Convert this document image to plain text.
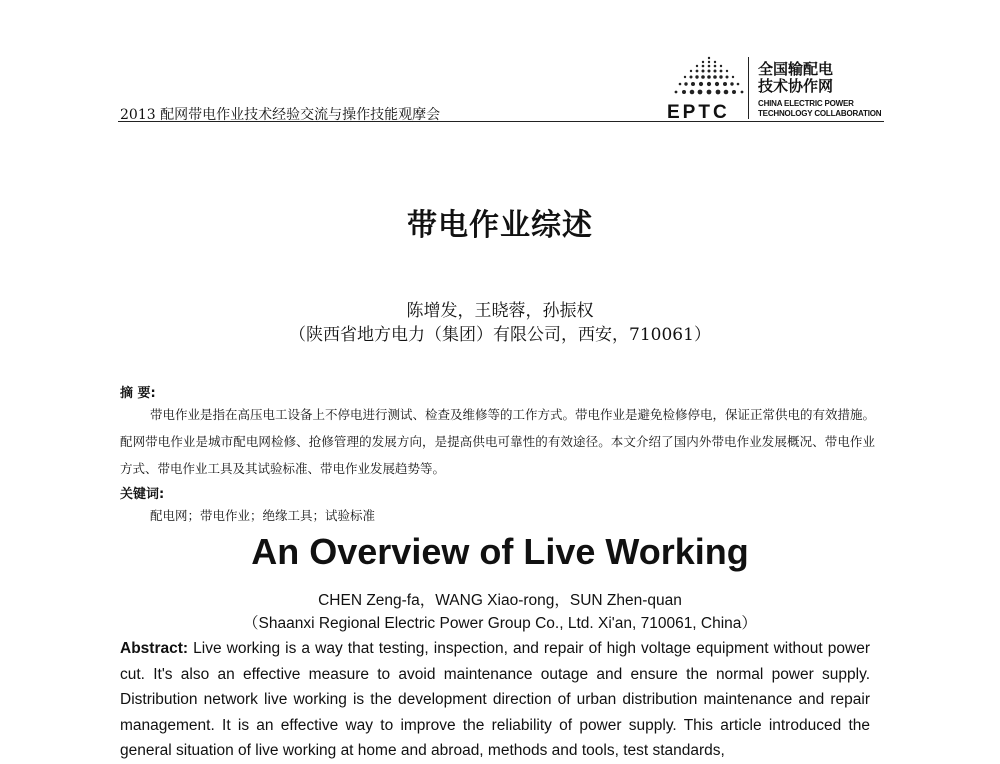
2013 配网带电作业技术经验交流与操作技能观摩会	EPTC
全国输配电
技术协作网
CHINA ELECTRIC POWER
TECHNOLOGY COLLABORATION
带电作业综述
陈增发，王晓蓉，孙振权
（陕西省地方电力（集团）有限公司，西安，710061）
摘 要:
带电作业是指在高压电工设备上不停电进行测试、检查及维修等的工作方式。带电作业是避免检修停电，保证正常供电的有效措施。配网带电作业是城市配电网检修、抢修管理的发展方向，是提高供电可靠性的有效途径。本文介绍了国内外带电作业发展概况、带电作业方式、带电作业工具及其试验标准、带电作业发展趋势等。
关键词:
配电网；带电作业；绝缘工具；试验标准
An Overview of Live Working
CHEN Zeng-fa，WANG Xiao-rong，SUN Zhen-quan
（Shaanxi Regional Electric Power Group Co., Ltd. Xi'an, 710061, China）
Abstract: Live working is a way that testing, inspection, and repair of high voltage equipment without power cut. It's also an effective measure to avoid maintenance outage and ensure the normal power supply. Distribution network live working is the development direction of urban distribution maintenance and repair management. It is an effective way to improve the reliability of power supply. This article introduced the general situation of live working at home and abroad, methods and tools, test standards,
